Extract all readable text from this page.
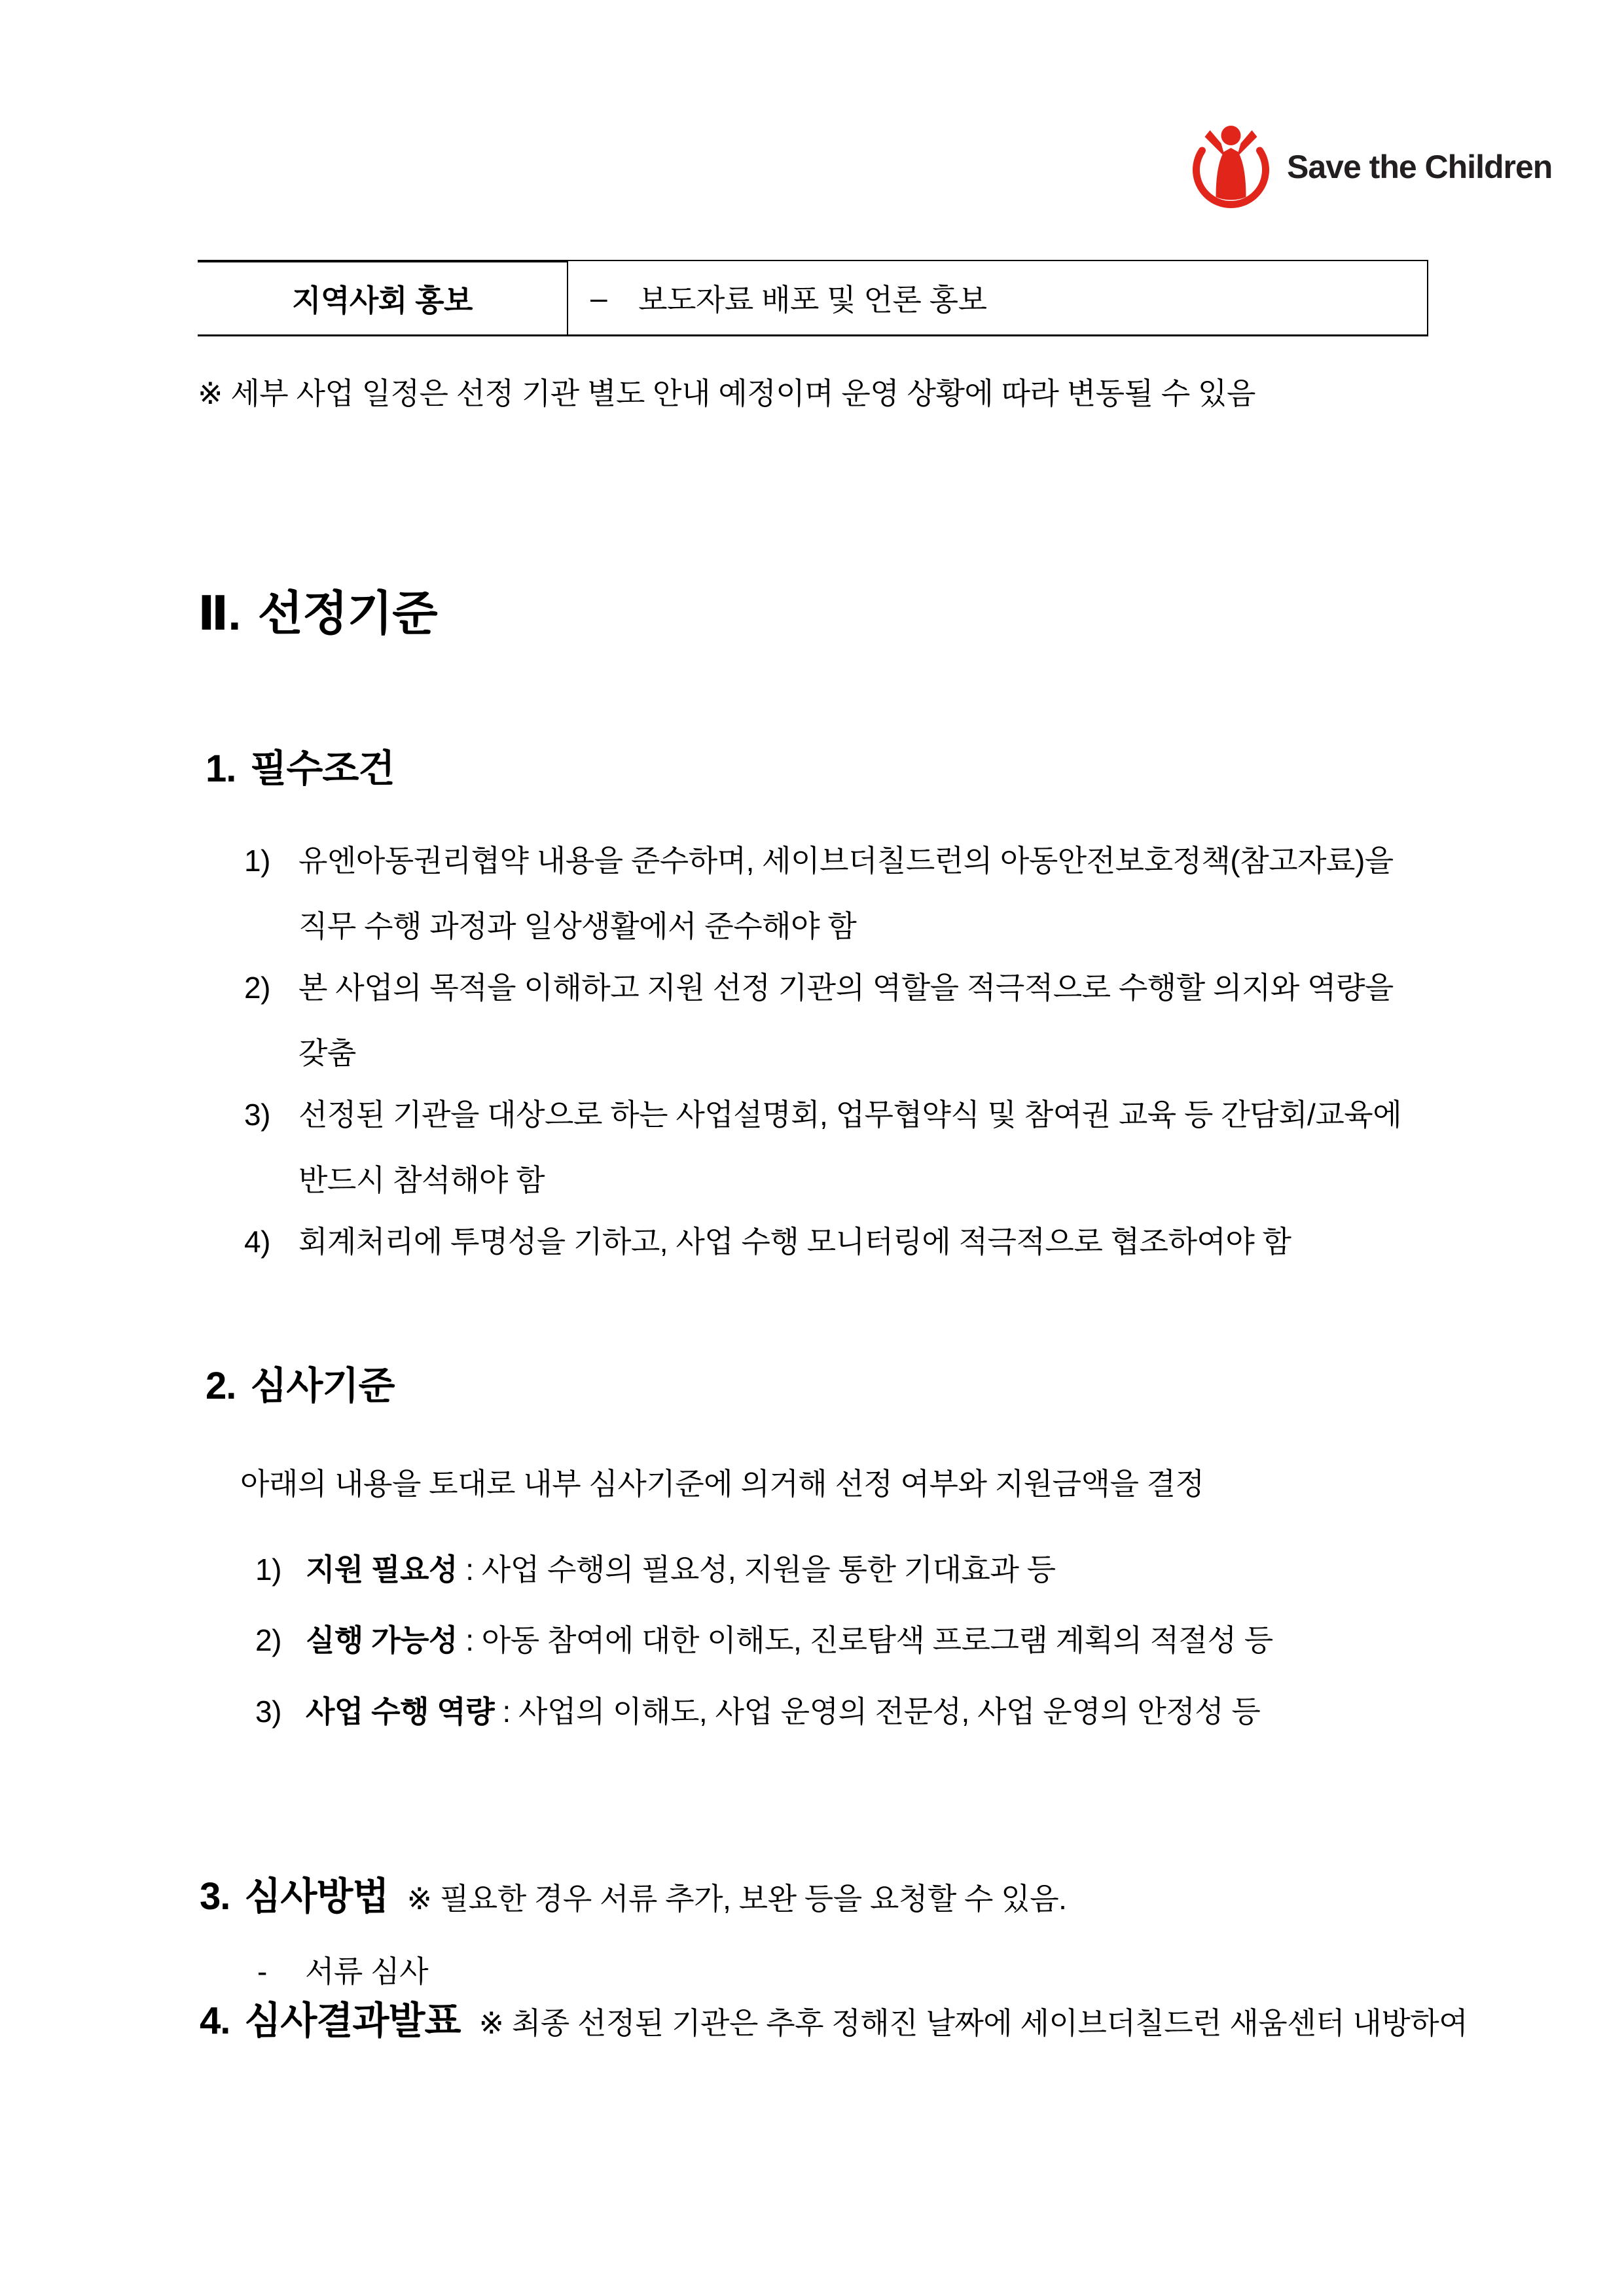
Save the Children
지역사회 홍보	– 보도자료 배포 및 언론 홍보
※ 세부 사업 일정은 선정 기관 별도 안내 예정이며 운영 상황에 따라 변동될 수 있음
Ⅱ. 선정기준
1. 필수조건
1) 유엔아동권리협약 내용을 준수하며, 세이브더칠드런의 아동안전보호정책(참고자료)을
직무 수행 과정과 일상생활에서 준수해야 함
2) 본 사업의 목적을 이해하고 지원 선정 기관의 역할을 적극적으로 수행할 의지와 역량을
갖춤
3) 선정된 기관을 대상으로 하는 사업설명회, 업무협약식 및 참여권 교육 등 간담회/교육에
반드시 참석해야 함
4) 회계처리에 투명성을 기하고, 사업 수행 모니터링에 적극적으로 협조하여야 함
2. 심사기준
아래의 내용을 토대로 내부 심사기준에 의거해 선정 여부와 지원금액을 결정
1) 지원 필요성 : 사업 수행의 필요성, 지원을 통한 기대효과 등
2) 실행 가능성 : 아동 참여에 대한 이해도, 진로탐색 프로그램 계획의 적절성 등
3) 사업 수행 역량 : 사업의 이해도, 사업 운영의 전문성, 사업 운영의 안정성 등
3. 심사방법 ※ 필요한 경우 서류 추가, 보완 등을 요청할 수 있음.
- 서류 심사
4. 심사결과발표 ※ 최종 선정된 기관은 추후 정해진 날짜에 세이브더칠드런 새움센터 내방하여
